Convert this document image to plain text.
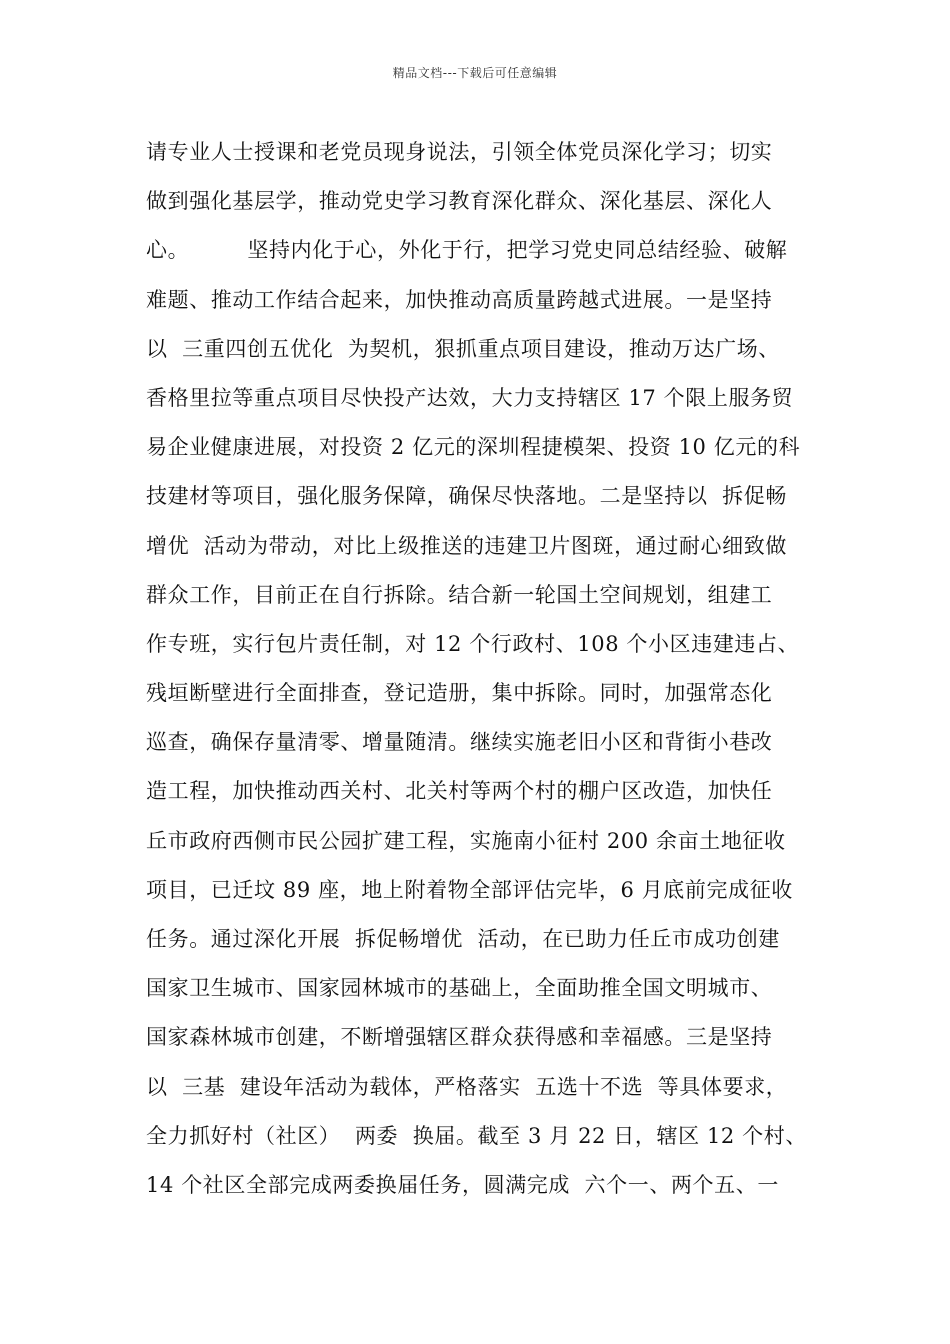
精品文档---下载后可任意编辑
请专业人士授课和老党员现身说法，引领全体党员深化学习；切实
做到强化基层学，推动党史学习教育深化群众、深化基层、深化人
心。        坚持内化于心，外化于行，把学习党史同总结经验、破解
难题、推动工作结合起来，加快推动高质量跨越式进展。一是坚持
以  三重四创五优化  为契机，狠抓重点项目建设，推动万达广场、
香格里拉等重点项目尽快投产达效，大力支持辖区 17 个限上服务贸
易企业健康进展，对投资 2 亿元的深圳程捷模架、投资 10 亿元的科
技建材等项目，强化服务保障，确保尽快落地。二是坚持以  拆促畅
增优  活动为带动，对比上级推送的违建卫片图斑，通过耐心细致做
群众工作，目前正在自行拆除。结合新一轮国土空间规划，组建工
作专班，实行包片责任制，对 12 个行政村、108 个小区违建违占、
残垣断壁进行全面排查，登记造册，集中拆除。同时，加强常态化
巡查，确保存量清零、增量随清。继续实施老旧小区和背街小巷改
造工程，加快推动西关村、北关村等两个村的棚户区改造，加快任
丘市政府西侧市民公园扩建工程，实施南小征村 200 余亩土地征收
项目，已迁坟 89 座，地上附着物全部评估完毕，6 月底前完成征收
任务。通过深化开展  拆促畅增优  活动，在已助力任丘市成功创建
国家卫生城市、国家园林城市的基础上，全面助推全国文明城市、
国家森林城市创建，不断增强辖区群众获得感和幸福感。三是坚持
以  三基  建设年活动为载体，严格落实  五选十不选  等具体要求，
全力抓好村（社区）  两委  换届。截至 3 月 22 日，辖区 12 个村、
14 个社区全部完成两委换届任务，圆满完成  六个一、两个五、一
